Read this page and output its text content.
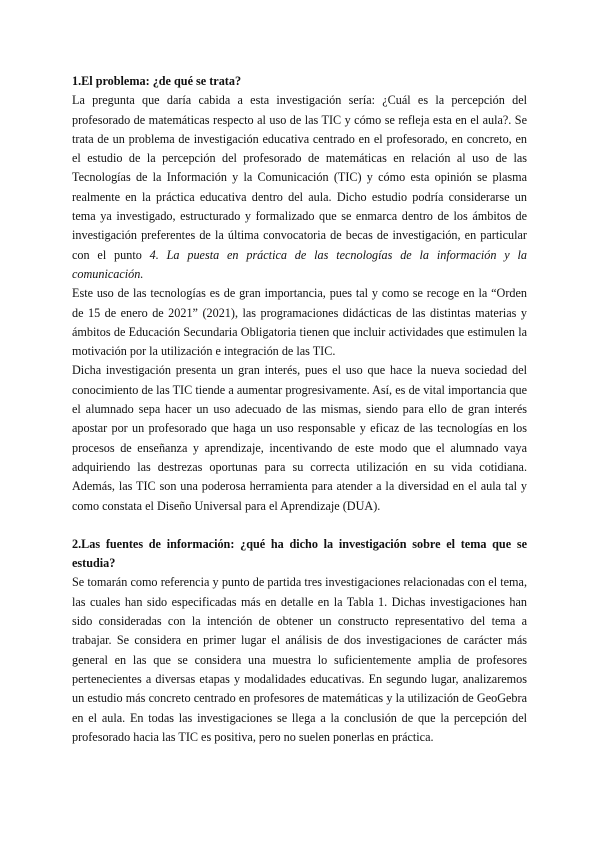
1.El problema: ¿de qué se trata?

La pregunta que daría cabida a esta investigación sería: ¿Cuál es la percepción del profesorado de matemáticas respecto al uso de las TIC y cómo se refleja esta en el aula?. Se trata de un problema de investigación educativa centrado en el profesorado, en concreto, en el estudio de la percepción del profesorado de matemáticas en relación al uso de las Tecnologías de la Información y la Comunicación (TIC) y cómo esta opinión se plasma realmente en la práctica educativa dentro del aula. Dicho estudio podría considerarse un tema ya investigado, estructurado y formalizado que se enmarca dentro de los ámbitos de investigación preferentes de la última convocatoria de becas de investigación, en particular con el punto 4. La puesta en práctica de las tecnologías de la información y la comunicación.

Este uso de las tecnologías es de gran importancia, pues tal y como se recoge en la “Orden de 15 de enero de 2021” (2021), las programaciones didácticas de las distintas materias y ámbitos de Educación Secundaria Obligatoria tienen que incluir actividades que estimulen la motivación por la utilización e integración de las TIC.

Dicha investigación presenta un gran interés, pues el uso que hace la nueva sociedad del conocimiento de las TIC tiende a aumentar progresivamente. Así, es de vital importancia que el alumnado sepa hacer un uso adecuado de las mismas, siendo para ello de gran interés apostar por un profesorado que haga un uso responsable y eficaz de las tecnologías en los procesos de enseñanza y aprendizaje, incentivando de este modo que el alumnado vaya adquiriendo las destrezas oportunas para su correcta utilización en su vida cotidiana. Además, las TIC son una poderosa herramienta para atender a la diversidad en el aula tal y como constata el Diseño Universal para el Aprendizaje (DUA).

2.Las fuentes de información: ¿qué ha dicho la investigación sobre el tema que se estudia?

Se tomarán como referencia y punto de partida tres investigaciones relacionadas con el tema, las cuales han sido especificadas más en detalle en la Tabla 1. Dichas investigaciones han sido consideradas con la intención de obtener un constructo representativo del tema a trabajar. Se considera en primer lugar el análisis de dos investigaciones de carácter más general en las que se considera una muestra lo suficientemente amplia de profesores pertenecientes a diversas etapas y modalidades educativas. En segundo lugar, analizaremos un estudio más concreto centrado en profesores de matemáticas y la utilización de GeoGebra en el aula. En todas las investigaciones se llega a la conclusión de que la percepción del profesorado hacia las TIC es positiva, pero no suelen ponerlas en práctica.
